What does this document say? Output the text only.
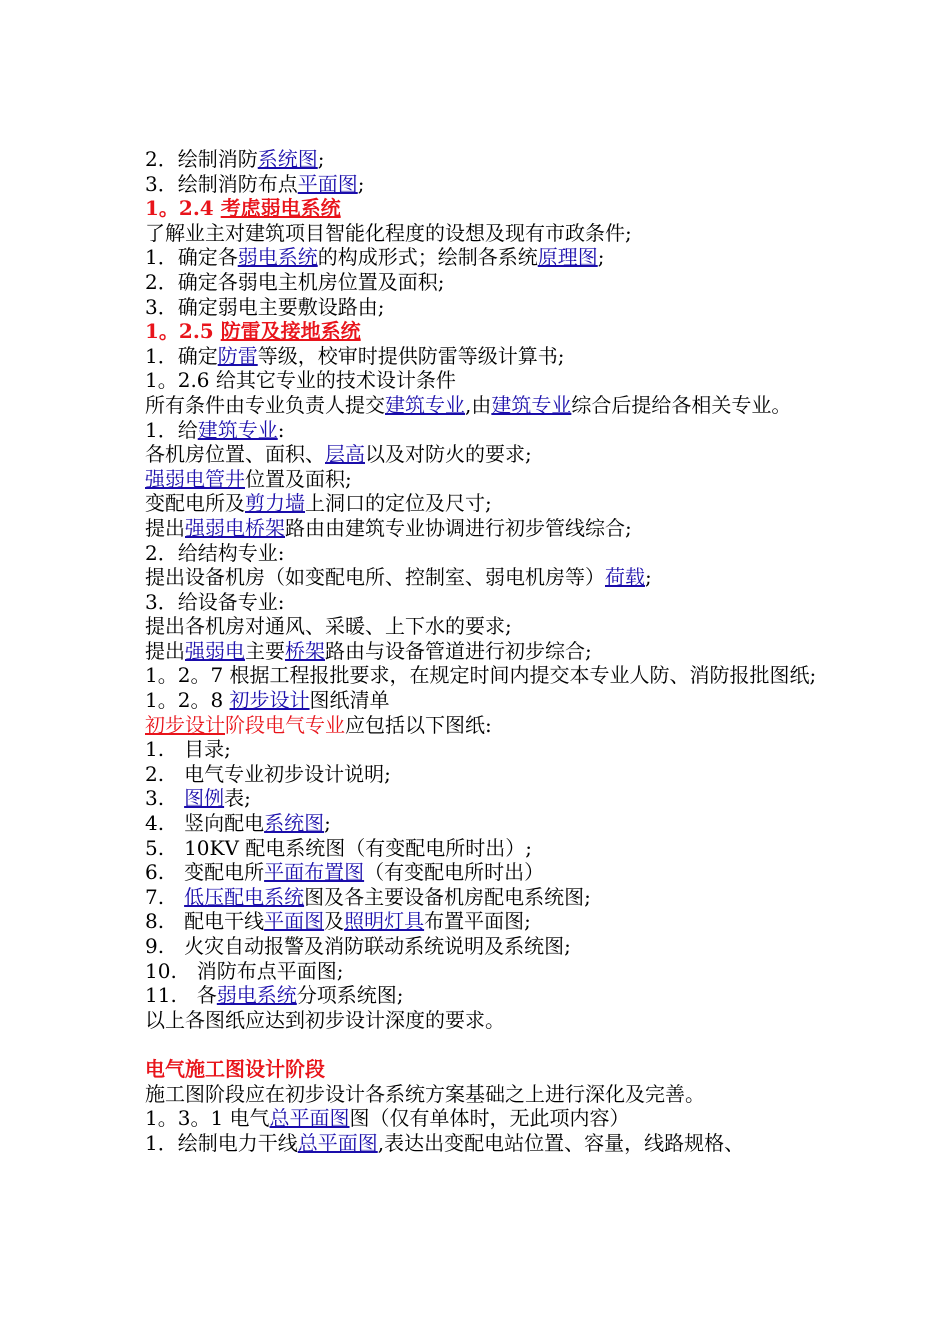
2．绘制消防系统图;
3．绘制消防布点平面图;
1。2.4 考虑弱电系统
了解业主对建筑项目智能化程度的设想及现有市政条件;
1．确定各弱电系统的构成形式；绘制各系统原理图;
2．确定各弱电主机房位置及面积;
3．确定弱电主要敷设路由;
1。2.5 防雷及接地系统
1．确定防雷等级，校审时提供防雷等级计算书;
1。2.6 给其它专业的技术设计条件
所有条件由专业负责人提交建筑专业,由建筑专业综合后提给各相关专业。
1．给建筑专业:
各机房位置、面积、层高以及对防火的要求;
强弱电管井位置及面积;
变配电所及剪力墙上洞口的定位及尺寸;
提出强弱电桥架路由由建筑专业协调进行初步管线综合;
2．给结构专业:
提出设备机房（如变配电所、控制室、弱电机房等）荷载;
3．给设备专业:
提出各机房对通风、采暖、上下水的要求;
提出强弱电主要桥架路由与设备管道进行初步综合;
1。2。7 根据工程报批要求，在规定时间内提交本专业人防、消防报批图纸;
1。2。8 初步设计图纸清单
初步设计阶段电气专业应包括以下图纸:
1.　目录;
2.　电气专业初步设计说明;
3.　图例表;
4.　竖向配电系统图;
5.　10KV 配电系统图（有变配电所时出）;
6.　变配电所平面布置图（有变配电所时出）
7.　低压配电系统图及各主要设备机房配电系统图;
8.　配电干线平面图及照明灯具布置平面图;
9.　火灾自动报警及消防联动系统说明及系统图;
10.　消防布点平面图;
11.　各弱电系统分项系统图;
以上各图纸应达到初步设计深度的要求。
电气施工图设计阶段
施工图阶段应在初步设计各系统方案基础之上进行深化及完善。
1。3。1 电气总平面图图（仅有单体时，无此项内容）
1．绘制电力干线总平面图,表达出变配电站位置、容量，线路规格、
